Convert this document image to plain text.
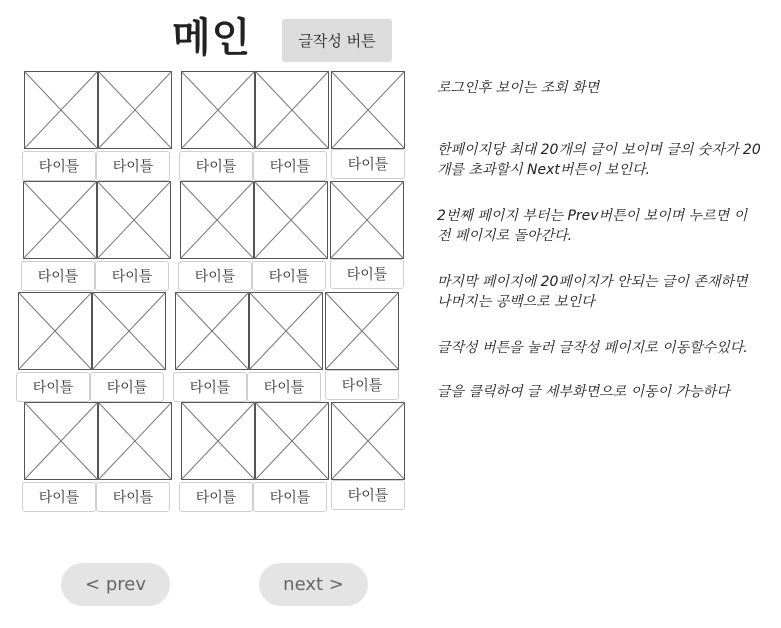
메인	글작성 버튼
타이틀	타이틀	타이틀	타이틀	타이틀
타이틀	타이틀	타이틀	타이틀	타이틀
타이틀	타이틀	타이틀	타이틀	타이틀
타이틀	타이틀	타이틀	타이틀	타이틀
< prev	next >
로그인후 보이는 조회 화면
한페이지당 최대 20개의 글이 보이며 글의 숫자가 20
개를 초과할시 Next버튼이 보인다.
2번째 페이지 부터는 Prev버튼이 보이며 누르면 이
전 페이지로 돌아간다.
마지막 페이지에 20페이지가 안되는 글이 존재하면
나머지는 공백으로 보인다
글작성 버튼을 눌러 글작성 페이지로 이동할수있다.
글을 클릭하여 글 세부화면으로 이동이 가능하다
